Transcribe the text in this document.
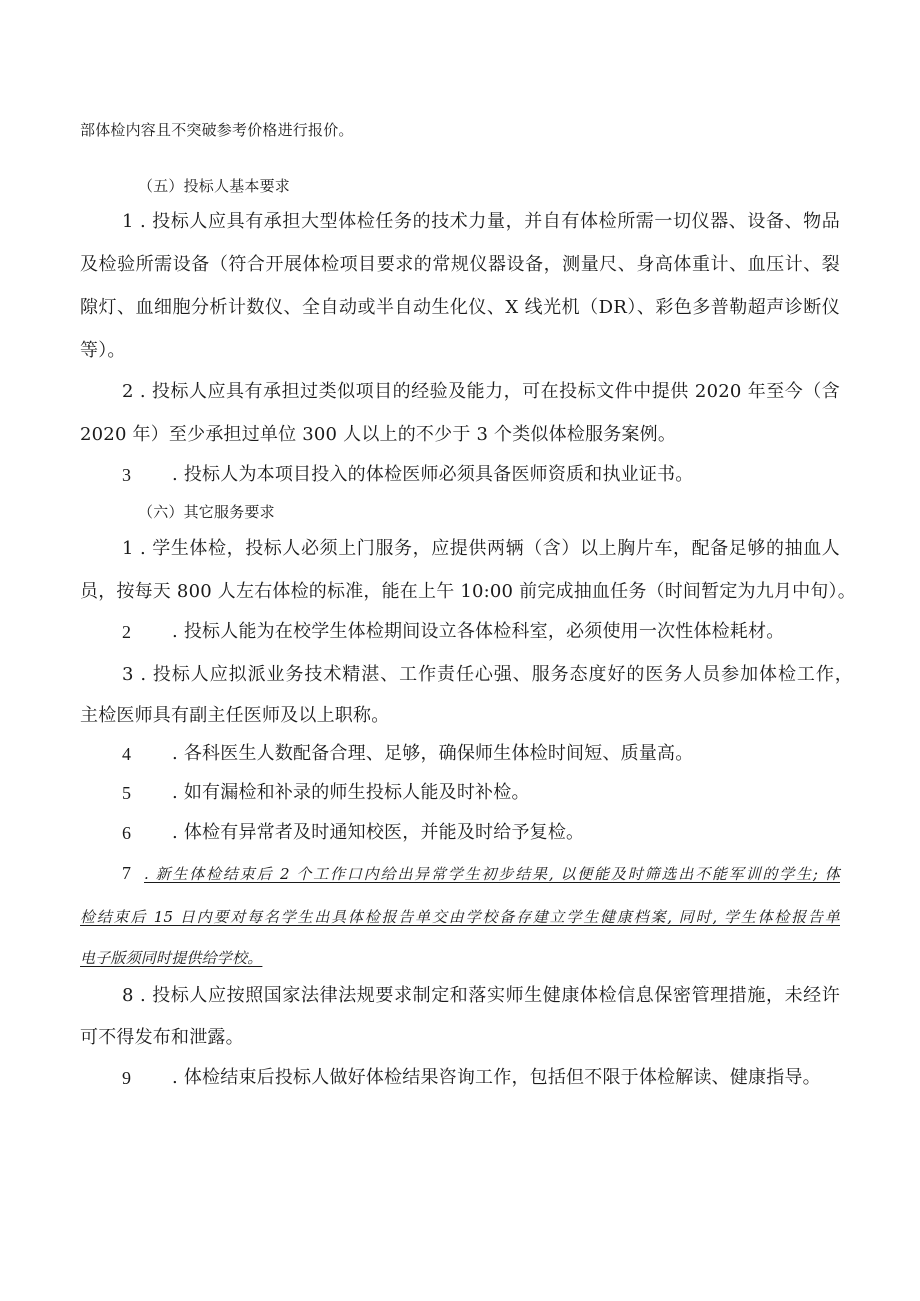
部体检内容且不突破参考价格进行报价。
（五）投标人基本要求
1 . 投标人应具有承担大型体检任务的技术力量，并自有体检所需一切仪器、设备、物品
及检验所需设备（符合开展体检项目要求的常规仪器设备，测量尺、身高体重计、血压计、裂
隙灯、血细胞分析计数仪、全自动或半自动生化仪、X 线光机（DR）、彩色多普勒超声诊断仪
等）。
2 . 投标人应具有承担过类似项目的经验及能力，可在投标文件中提供 2020 年至今（含
2020 年）至少承担过单位 300 人以上的不少于 3 个类似体检服务案例。
3 . 投标人为本项目投入的体检医师必须具备医师资质和执业证书。
（六）其它服务要求
1 . 学生体检，投标人必须上门服务，应提供两辆（含）以上胸片车，配备足够的抽血人
员，按每天 800 人左右体检的标准，能在上午 10:00 前完成抽血任务（时间暂定为九月中旬）。
2 . 投标人能为在校学生体检期间设立各体检科室，必须使用一次性体检耗材。
3 . 投标人应拟派业务技术精湛、工作责任心强、服务态度好的医务人员参加体检工作，
主检医师具有副主任医师及以上职称。
4 . 各科医生人数配备合理、足够，确保师生体检时间短、质量高。
5 . 如有漏检和补录的师生投标人能及时补检。
6 . 体检有异常者及时通知校医，并能及时给予复检。
7 . 新生体检结束后 2 个工作口内给出异常学生初步结果, 以便能及时筛选出不能军训的学生; 体
检结束后 15 日内要对每名学生出具体检报告单交由学校备存建立学生健康档案, 同时, 学生体检报告单
电子版须同时提供给学校。
8 . 投标人应按照国家法律法规要求制定和落实师生健康体检信息保密管理措施，未经许
可不得发布和泄露。
9 . 体检结束后投标人做好体检结果咨询工作，包括但不限于体检解读、健康指导。
